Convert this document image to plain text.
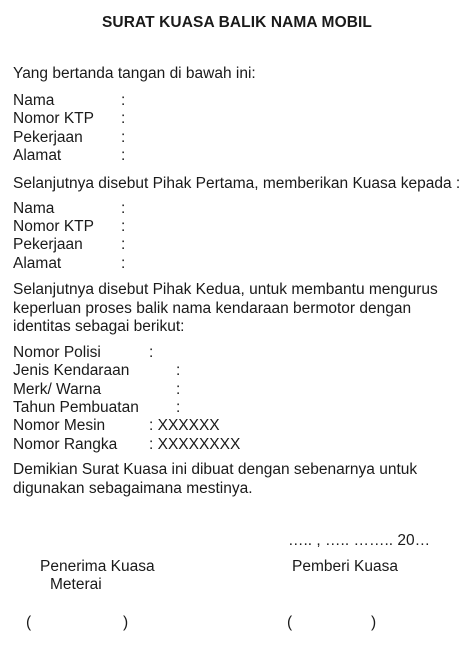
SURAT KUASA BALIK NAMA MOBIL
Yang bertanda tangan di bawah ini:
Nama	:
Nomor KTP :
Pekerjaan :
Alamat	:
Selanjutnya disebut Pihak Pertama, memberikan Kuasa kepada :
Nama	:
Nomor KTP :
Pekerjaan :
Alamat	:
Selanjutnya disebut Pihak Kedua, untuk membantu mengurus
keperluan proses balik nama kendaraan bermotor dengan
identitas sebagai berikut:
Nomor Polisi	:
Jenis Kendaraan	:
Merk/ Warna	:
Tahun Pembuatan :
Nomor Mesin	: XXXXXX
Nomor Rangka : XXXXXXXX
Demikian Surat Kuasa ini dibuat dengan sebenarnya untuk
digunakan sebagaimana mestinya.
….. , ….. …….. 20…
Penerima Kuasa
Meterai
Pemberi Kuasa
(	)	(	)
